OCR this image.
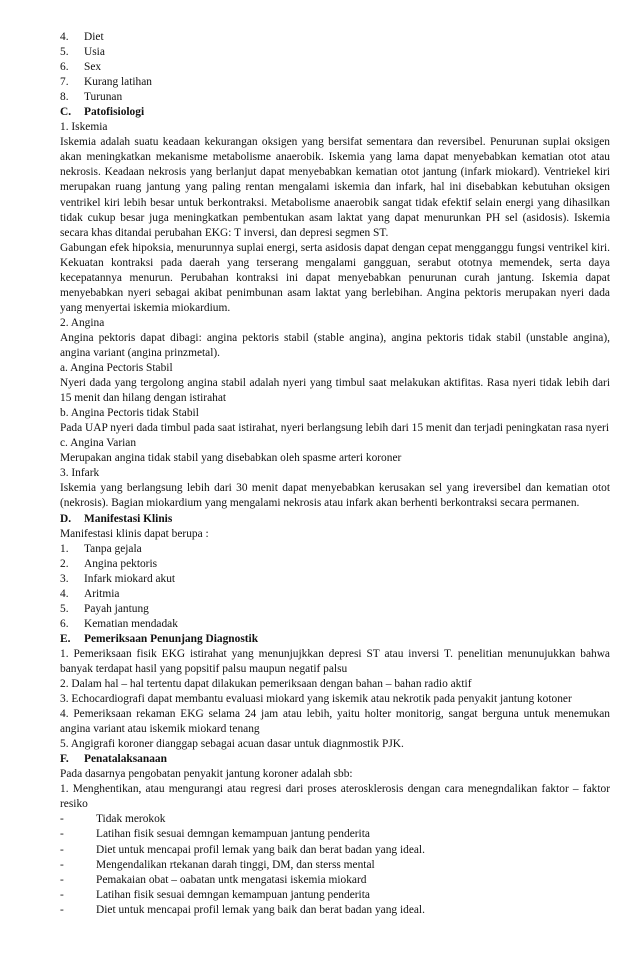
4. Diet
5. Usia
6. Sex
7. Kurang latihan
8. Turunan
C. Patofisiologi
1. Iskemia

Iskemia adalah suatu keadaan kekurangan oksigen yang bersifat sementara dan reversibel. Penurunan suplai oksigen akan meningkatkan mekanisme metabolisme anaerobik. Iskemia yang lama dapat menyebabkan kematian otot atau nekrosis. Keadaan nekrosis yang berlanjut dapat menyebabkan kematian otot jantung (infark miokard). Ventriekel kiri merupakan ruang jantung yang paling rentan mengalami iskemia dan infark, hal ini disebabkan kebutuhan oksigen ventrikel kiri lebih besar untuk berkontraksi. Metabolisme anaerobik sangat tidak efektif selain energi yang dihasilkan tidak cukup besar juga meningkatkan pembentukan asam laktat yang dapat menurunkan PH sel (asidosis). Iskemia secara khas ditandai perubahan EKG: T inversi, dan depresi segmen ST.

Gabungan efek hipoksia, menurunnya suplai energi, serta asidosis dapat dengan cepat mengganggu fungsi ventrikel kiri. Kekuatan kontraksi pada daerah yang terserang mengalami gangguan, serabut ototnya memendek, serta daya kecepatannya menurun. Perubahan kontraksi ini dapat menyebabkan penurunan curah jantung. Iskemia dapat menyebabkan nyeri sebagai akibat penimbunan asam laktat yang berlebihan. Angina pektoris merupakan nyeri dada yang menyertai iskemia miokardium.

2. Angina

Angina pektoris dapat dibagi: angina pektoris stabil (stable angina), angina pektoris tidak stabil (unstable angina), angina variant (angina prinzmetal).

a. Angina Pectoris Stabil

Nyeri dada yang tergolong angina stabil adalah nyeri yang timbul saat melakukan aktifitas. Rasa nyeri tidak lebih dari 15 menit dan hilang dengan istirahat

b. Angina Pectoris tidak Stabil

Pada UAP nyeri dada timbul pada saat istirahat, nyeri berlangsung lebih dari 15 menit dan terjadi peningkatan rasa nyeri

c. Angina Varian

Merupakan angina tidak stabil yang disebabkan oleh spasme arteri koroner

3. Infark

Iskemia yang berlangsung lebih dari 30 menit dapat menyebabkan kerusakan sel yang ireversibel dan kematian otot (nekrosis). Bagian miokardium yang mengalami nekrosis atau infark akan berhenti berkontraksi secara permanen.

D. Manifestasi Klinis

Manifestasi klinis dapat berupa :

1. Tanpa gejala
2. Angina pektoris
3. Infark miokard akut
4. Aritmia
5. Payah jantung
6. Kematian mendadak
E. Pemeriksaan Penunjang Diagnostik

1. Pemeriksaan fisik EKG istirahat yang menunjujkkan depresi ST atau inversi T. penelitian menunujukkan bahwa banyak terdapat hasil yang popsitif palsu maupun negatif palsu

2. Dalam hal – hal tertentu dapat dilakukan pemeriksaan dengan bahan – bahan radio aktif

3. Echocardiografi dapat membantu evaluasi miokard yang iskemik atau nekrotik pada penyakit jantung kotoner

4. Pemeriksaan rekaman EKG selama 24 jam atau lebih, yaitu holter monitorig, sangat berguna untuk menemukan angina variant atau iskemik miokard tenang

5. Angigrafi koroner dianggap sebagai acuan dasar untuk diagnmostik PJK.

F. Penatalaksanaan

Pada dasarnya pengobatan penyakit jantung koroner adalah sbb:

1. Menghentikan, atau mengurangi atau regresi dari proses aterosklerosis dengan cara menegndalikan faktor – faktor resiko

-	Tidak merokok
-	Latihan fisik sesuai demngan kemampuan jantung penderita
-	Diet untuk mencapai profil lemak yang baik dan berat badan yang ideal.
-	Mengendalikan rtekanan darah tinggi, DM, dan sterss mental
-	Pemakaian obat – oabatan untk mengatasi iskemia miokard
-	Latihan fisik sesuai demngan kemampuan jantung penderita
-	Diet untuk mencapai profil lemak yang baik dan berat badan yang ideal.
